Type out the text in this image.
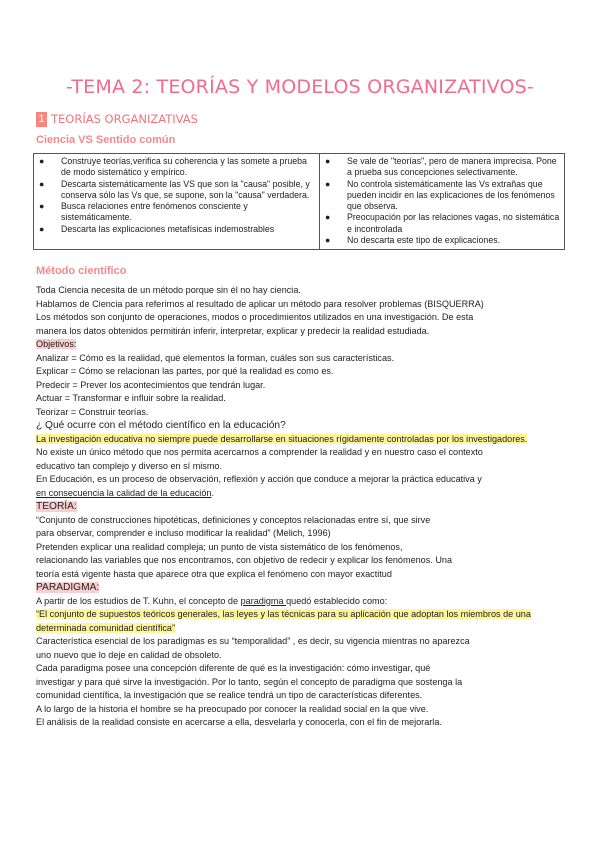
-TEMA 2: TEORÍAS Y MODELOS ORGANIZATIVOS-
1 TEORÍAS ORGANIZATIVAS
Ciencia VS Sentido común
●	Construye teorías,verifica su coherencia y las somete a prueba de modo sistemático y empírico.
●	Descarta sistemáticamente las VS que son la "causa" posible, y conserva sólo las Vs que, se supone, son la "causa" verdadera.
●	Busca relaciones entre fenómenos consciente y sistemáticamente.
●	Descarta las explicaciones metafísicas indemostrables

●	Se vale de "teorías", pero de manera imprecisa. Pone a prueba sus concepciones selectivamente.
●	No controla sistemáticamente las Vs extrañas que pueden incidir en las explicaciones de los fenómenos que observa.
●	Preocupación por las relaciones vagas, no sistemática e incontrolada
●	No descarta este tipo de explicaciones.
Método científico
Toda Ciencia necesita de un método porque sin él no hay ciencia.
Hablamos de Ciencia para referirnos al resultado de aplicar un método para resolver problemas (BISQUERRA)
Los métodos son conjunto de operaciones, modos o procedimientos utilizados en una investigación. De esta
manera los datos obtenidos permitirán inferir, interpretar, explicar y predecir la realidad estudiada.
Objetivos:
Analizar = Cómo es la realidad, qué elementos la forman, cuáles son sus características.
Explicar = Cómo se relacionan las partes, por qué la realidad es como es.
Predecir = Prever los acontecimientos que tendrán lugar.
Actuar = Transformar e influir sobre la realidad.
Teorizar = Construir teorías.
¿ Qué ocurre con el método científico en la educación?
La investigación educativa no siempre puede desarrollarse en situaciones rígidamente controladas por los investigadores.
No existe un único método que nos permita acercarnos a comprender la realidad y en nuestro caso el contexto
educativo tan complejo y diverso en sí mismo.
En Educación, es un proceso de observación, reflexión y acción que conduce a mejorar la práctica educativa y
en consecuencia la calidad de la educación.
TEORÍA:
“Conjunto de construcciones hipotéticas, definiciones y conceptos relacionadas entre sí, que sirve
para observar, comprender e incluso modificar la realidad” (Melich, 1996)
Pretenden explicar una realidad compleja; un punto de vista sistemático de los fenómenos,
relacionando las variables que nos encontramos, con objetivo de redecir y explicar los fenómenos. Una
teoría está vigente hasta que aparece otra que explica el fenómeno con mayor exactitud
PARADIGMA:
A partir de los estudios de T. Kuhn, el concepto de paradigma quedó establecido como:
“El conjunto de supuestos teóricos generales, las leyes y las técnicas para su aplicación que adoptan los miembros de una determinada comunidad científica”
Característica esencial de los paradigmas es su “temporalidad” , es decir, su vigencia mientras no aparezca
uno nuevo que lo deje en calidad de obsoleto.
Cada paradigma posee una concepción diferente de qué es la investigación: cómo investigar, qué
investigar y para qué sirve la investigación. Por lo tanto, según el concepto de paradigma que sostenga la
comunidad científica, la investigación que se realice tendrá un tipo de características diferentes.
A lo largo de la historia el hombre se ha preocupado por conocer la realidad social en la que vive.
El análisis de la realidad consiste en acercarse a ella, desvelarla y conocerla, con el fin de mejorarla.
